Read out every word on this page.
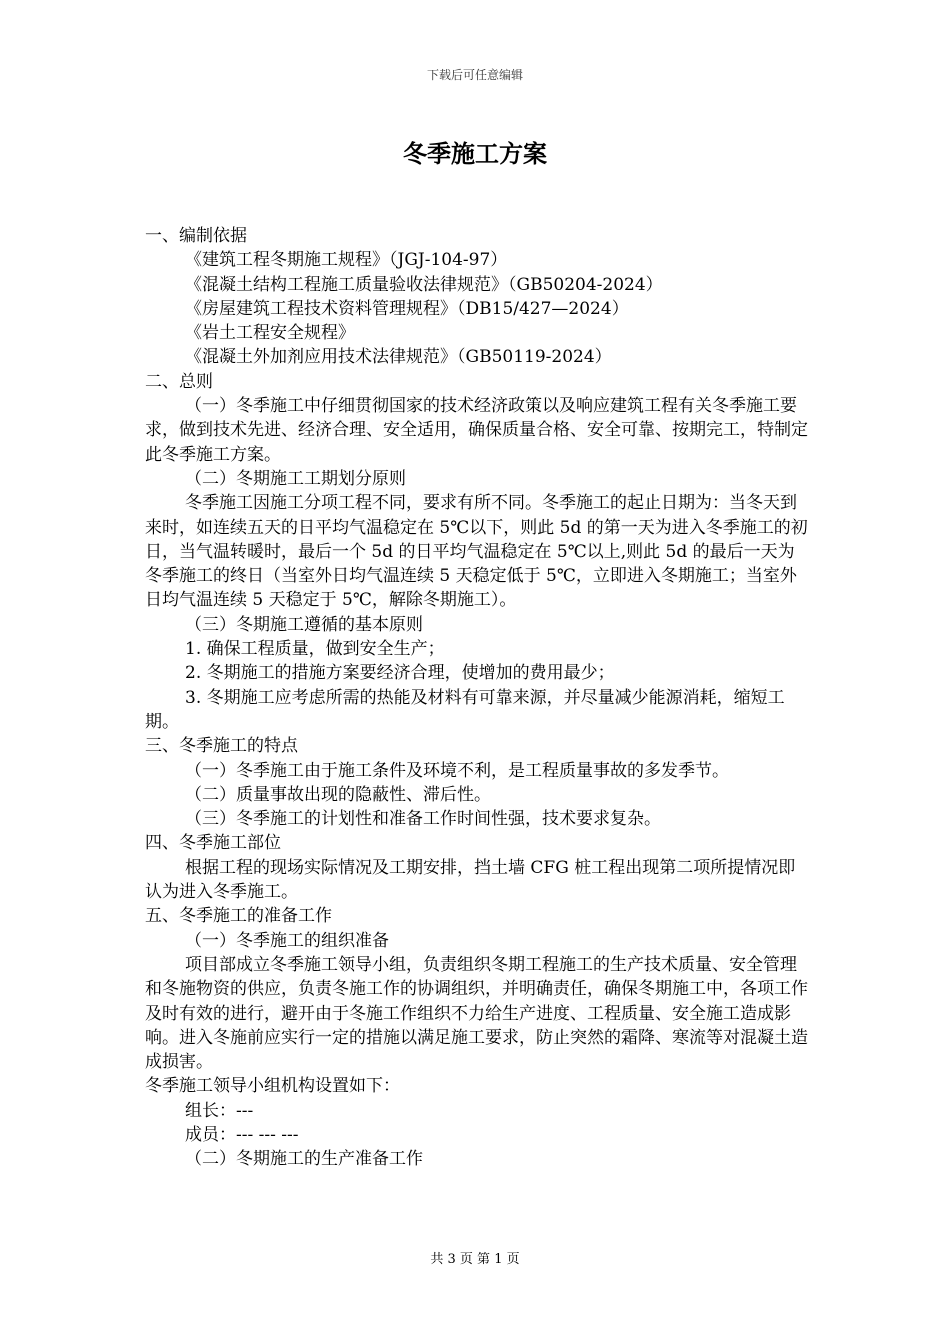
下载后可任意编辑
冬季施工方案

一、编制依据

《建筑工程冬期施工规程》（JGJ-104-97）

《混凝土结构工程施工质量验收法律规范》（GB50204-2024）

《房屋建筑工程技术资料管理规程》（DB15/427—2024）

《岩土工程安全规程》

《混凝土外加剂应用技术法律规范》（GB50119-2024）

二、总则

（一）冬季施工中仔细贯彻国家的技术经济政策以及响应建筑工程有关冬季施工要求，做到技术先进、经济合理、安全适用，确保质量合格、安全可靠、按期完工，特制定此冬季施工方案。

（二）冬期施工工期划分原则

冬季施工因施工分项工程不同，要求有所不同。冬季施工的起止日期为：当冬天到来时，如连续五天的日平均气温稳定在 5℃以下，则此 5d 的第一天为进入冬季施工的初日，当气温转暖时，最后一个 5d 的日平均气温稳定在 5℃以上,则此 5d 的最后一天为冬季施工的终日（当室外日均气温连续 5 天稳定低于 5℃，立即进入冬期施工；当室外日均气温连续 5 天稳定于 5℃，解除冬期施工）。

（三）冬期施工遵循的基本原则

1. 确保工程质量，做到安全生产；

2. 冬期施工的措施方案要经济合理，使增加的费用最少；

3. 冬期施工应考虑所需的热能及材料有可靠来源，并尽量减少能源消耗，缩短工期。

三、冬季施工的特点

（一）冬季施工由于施工条件及环境不利，是工程质量事故的多发季节。

（二）质量事故出现的隐蔽性、滞后性。

（三）冬季施工的计划性和准备工作时间性强，技术要求复杂。

四、冬季施工部位

根据工程的现场实际情况及工期安排，挡土墙 CFG 桩工程出现第二项所提情况即认为进入冬季施工。

五、冬季施工的准备工作

（一）冬季施工的组织准备

项目部成立冬季施工领导小组，负责组织冬期工程施工的生产技术质量、安全管理和冬施物资的供应，负责冬施工作的协调组织，并明确责任，确保冬期施工中，各项工作及时有效的进行，避开由于冬施工作组织不力给生产进度、工程质量、安全施工造成影响。进入冬施前应实行一定的措施以满足施工要求，防止突然的霜降、寒流等对混凝土造成损害。

冬季施工领导小组机构设置如下：

组长：---

成员：--- --- ---

（二）冬期施工的生产准备工作

共 3 页 第 1 页
